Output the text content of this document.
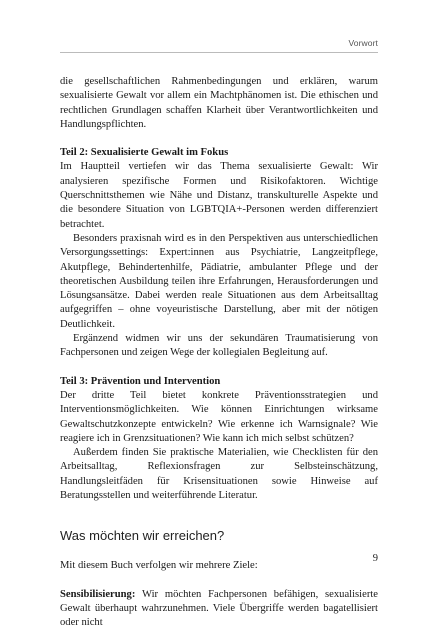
Vorwort

die gesellschaftlichen Rahmenbedingungen und erklären, warum sexualisierte Gewalt vor allem ein Machtphänomen ist. Die ethischen und rechtlichen Grundlagen schaffen Klarheit über Verantwortlichkeiten und Handlungspflichten.

Teil 2: Sexualisierte Gewalt im Fokus

Im Hauptteil vertiefen wir das Thema sexualisierte Gewalt: Wir analysieren spezifische Formen und Risikofaktoren. Wichtige Querschnittsthemen wie Nähe und Distanz, transkulturelle Aspekte und die besondere Situation von LGBTQIA+-Personen werden differenziert betrachtet.

Besonders praxisnah wird es in den Perspektiven aus unterschiedlichen Versorgungssettings: Expert:innen aus Psychiatrie, Langzeitpflege, Akutpflege, Behindertenhilfe, Pädiatrie, ambulanter Pflege und der theoretischen Ausbildung teilen ihre Erfahrungen, Herausforderungen und Lösungsansätze. Dabei werden reale Situationen aus dem Arbeitsalltag aufgegriffen – ohne voyeuristische Darstellung, aber mit der nötigen Deutlichkeit.

Ergänzend widmen wir uns der sekundären Traumatisierung von Fachpersonen und zeigen Wege der kollegialen Begleitung auf.

Teil 3: Prävention und Intervention

Der dritte Teil bietet konkrete Präventionsstrategien und Interventionsmöglichkeiten. Wie können Einrichtungen wirksame Gewaltschutzkonzepte entwickeln? Wie erkenne ich Warnsignale? Wie reagiere ich in Grenzsituationen? Wie kann ich mich selbst schützen?

Außerdem finden Sie praktische Materialien, wie Checklisten für den Arbeitsalltag, Reflexionsfragen zur Selbsteinschätzung, Handlungsleitfäden für Krisensituationen sowie Hinweise auf Beratungsstellen und weiterführende Literatur.

Was möchten wir erreichen?

Mit diesem Buch verfolgen wir mehrere Ziele:

Sensibilisierung: Wir möchten Fachpersonen befähigen, sexualisierte Gewalt überhaupt wahrzunehmen. Viele Übergriffe werden bagatellisiert oder nicht

9
